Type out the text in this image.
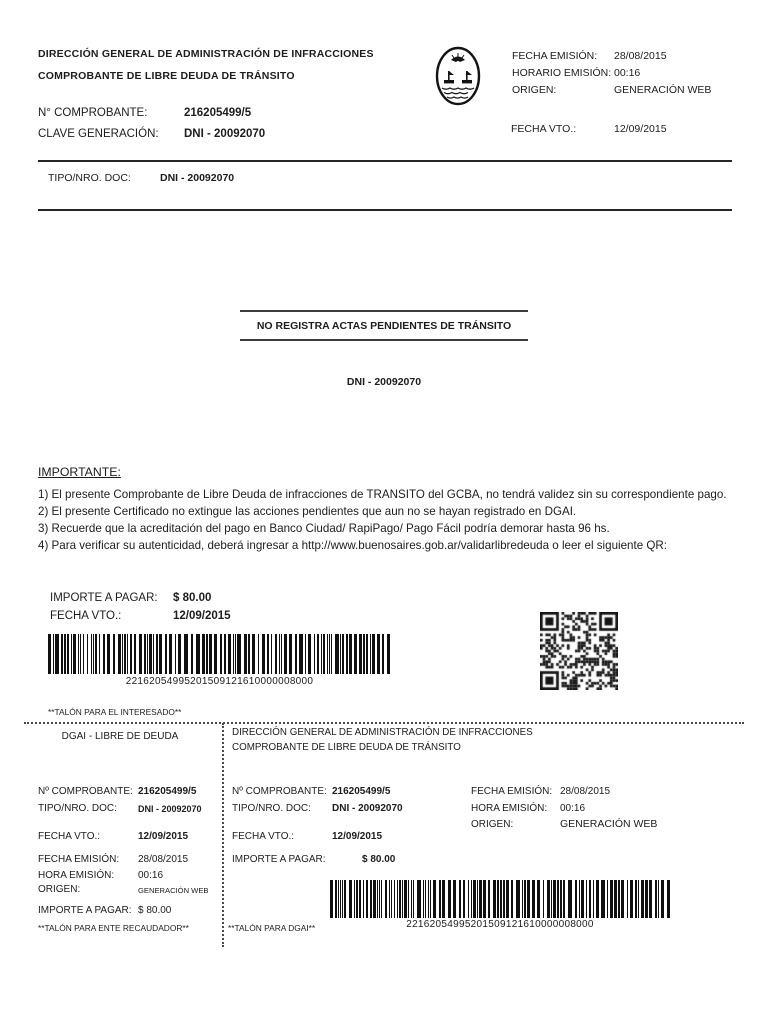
DIRECCIÓN GENERAL DE ADMINISTRACIÓN DE INFRACCIONES
COMPROBANTE DE LIBRE DEUDA DE TRÁNSITO
FECHA EMISIÓN: 28/08/2015
HORARIO EMISIÓN: 00:16
ORIGEN:	GENERACIÓN WEB
N° COMPROBANTE:	216205499/5
CLAVE GENERACIÓN: DNI - 20092070	FECHA VTO.:	12/09/2015
TIPO/NRO. DOC:	DNI - 20092070
NO REGISTRA ACTAS PENDIENTES DE TRÁNSITO
DNI - 20092070
IMPORTANTE:
1) El presente Comprobante de Libre Deuda de infracciones de TRANSITO del GCBA, no tendrá validez sin su correspondiente pago.
2) El presente Certificado no extingue las acciones pendientes que aun no se hayan registrado en DGAI.
3) Recuerde que la acreditación del pago en Banco Ciudad/ RapiPago/ Pago Fácil podría demorar hasta 96 hs.
4) Para verificar su autenticidad, deberá ingresar a http://www.buenosaires.gob.ar/validarlibredeuda o leer el siguiente QR:
IMPORTE A PAGAR: $ 80.00
FECHA VTO.:	12/09/2015
22162054995201509121610000008000
**TALÓN PARA EL INTERESADO**
DGAI - LIBRE DE DEUDA
Nº COMPROBANTE: 216205499/5
TIPO/NRO. DOC: DNI - 20092070
FECHA VTO.:	12/09/2015
FECHA EMISIÓN: 28/08/2015
HORA EMISIÓN: 00:16
ORIGEN:	GENERACIÓN WEB
IMPORTE A PAGAR: $ 80.00
**TALÓN PARA ENTE RECAUDADOR**
DIRECCIÓN GENERAL DE ADMINISTRACIÓN DE INFRACCIONES
COMPROBANTE DE LIBRE DEUDA DE TRÁNSITO
Nº COMPROBANTE: 216205499/5
TIPO/NRO. DOC: DNI - 20092070
FECHA VTO.:	12/09/2015
IMPORTE A PAGAR:	$ 80.00
FECHA EMISIÓN: 28/08/2015
HORA EMISIÓN: 00:16
ORIGEN:	GENERACIÓN WEB
22162054995201509121610000008000
**TALÓN PARA DGAI**
